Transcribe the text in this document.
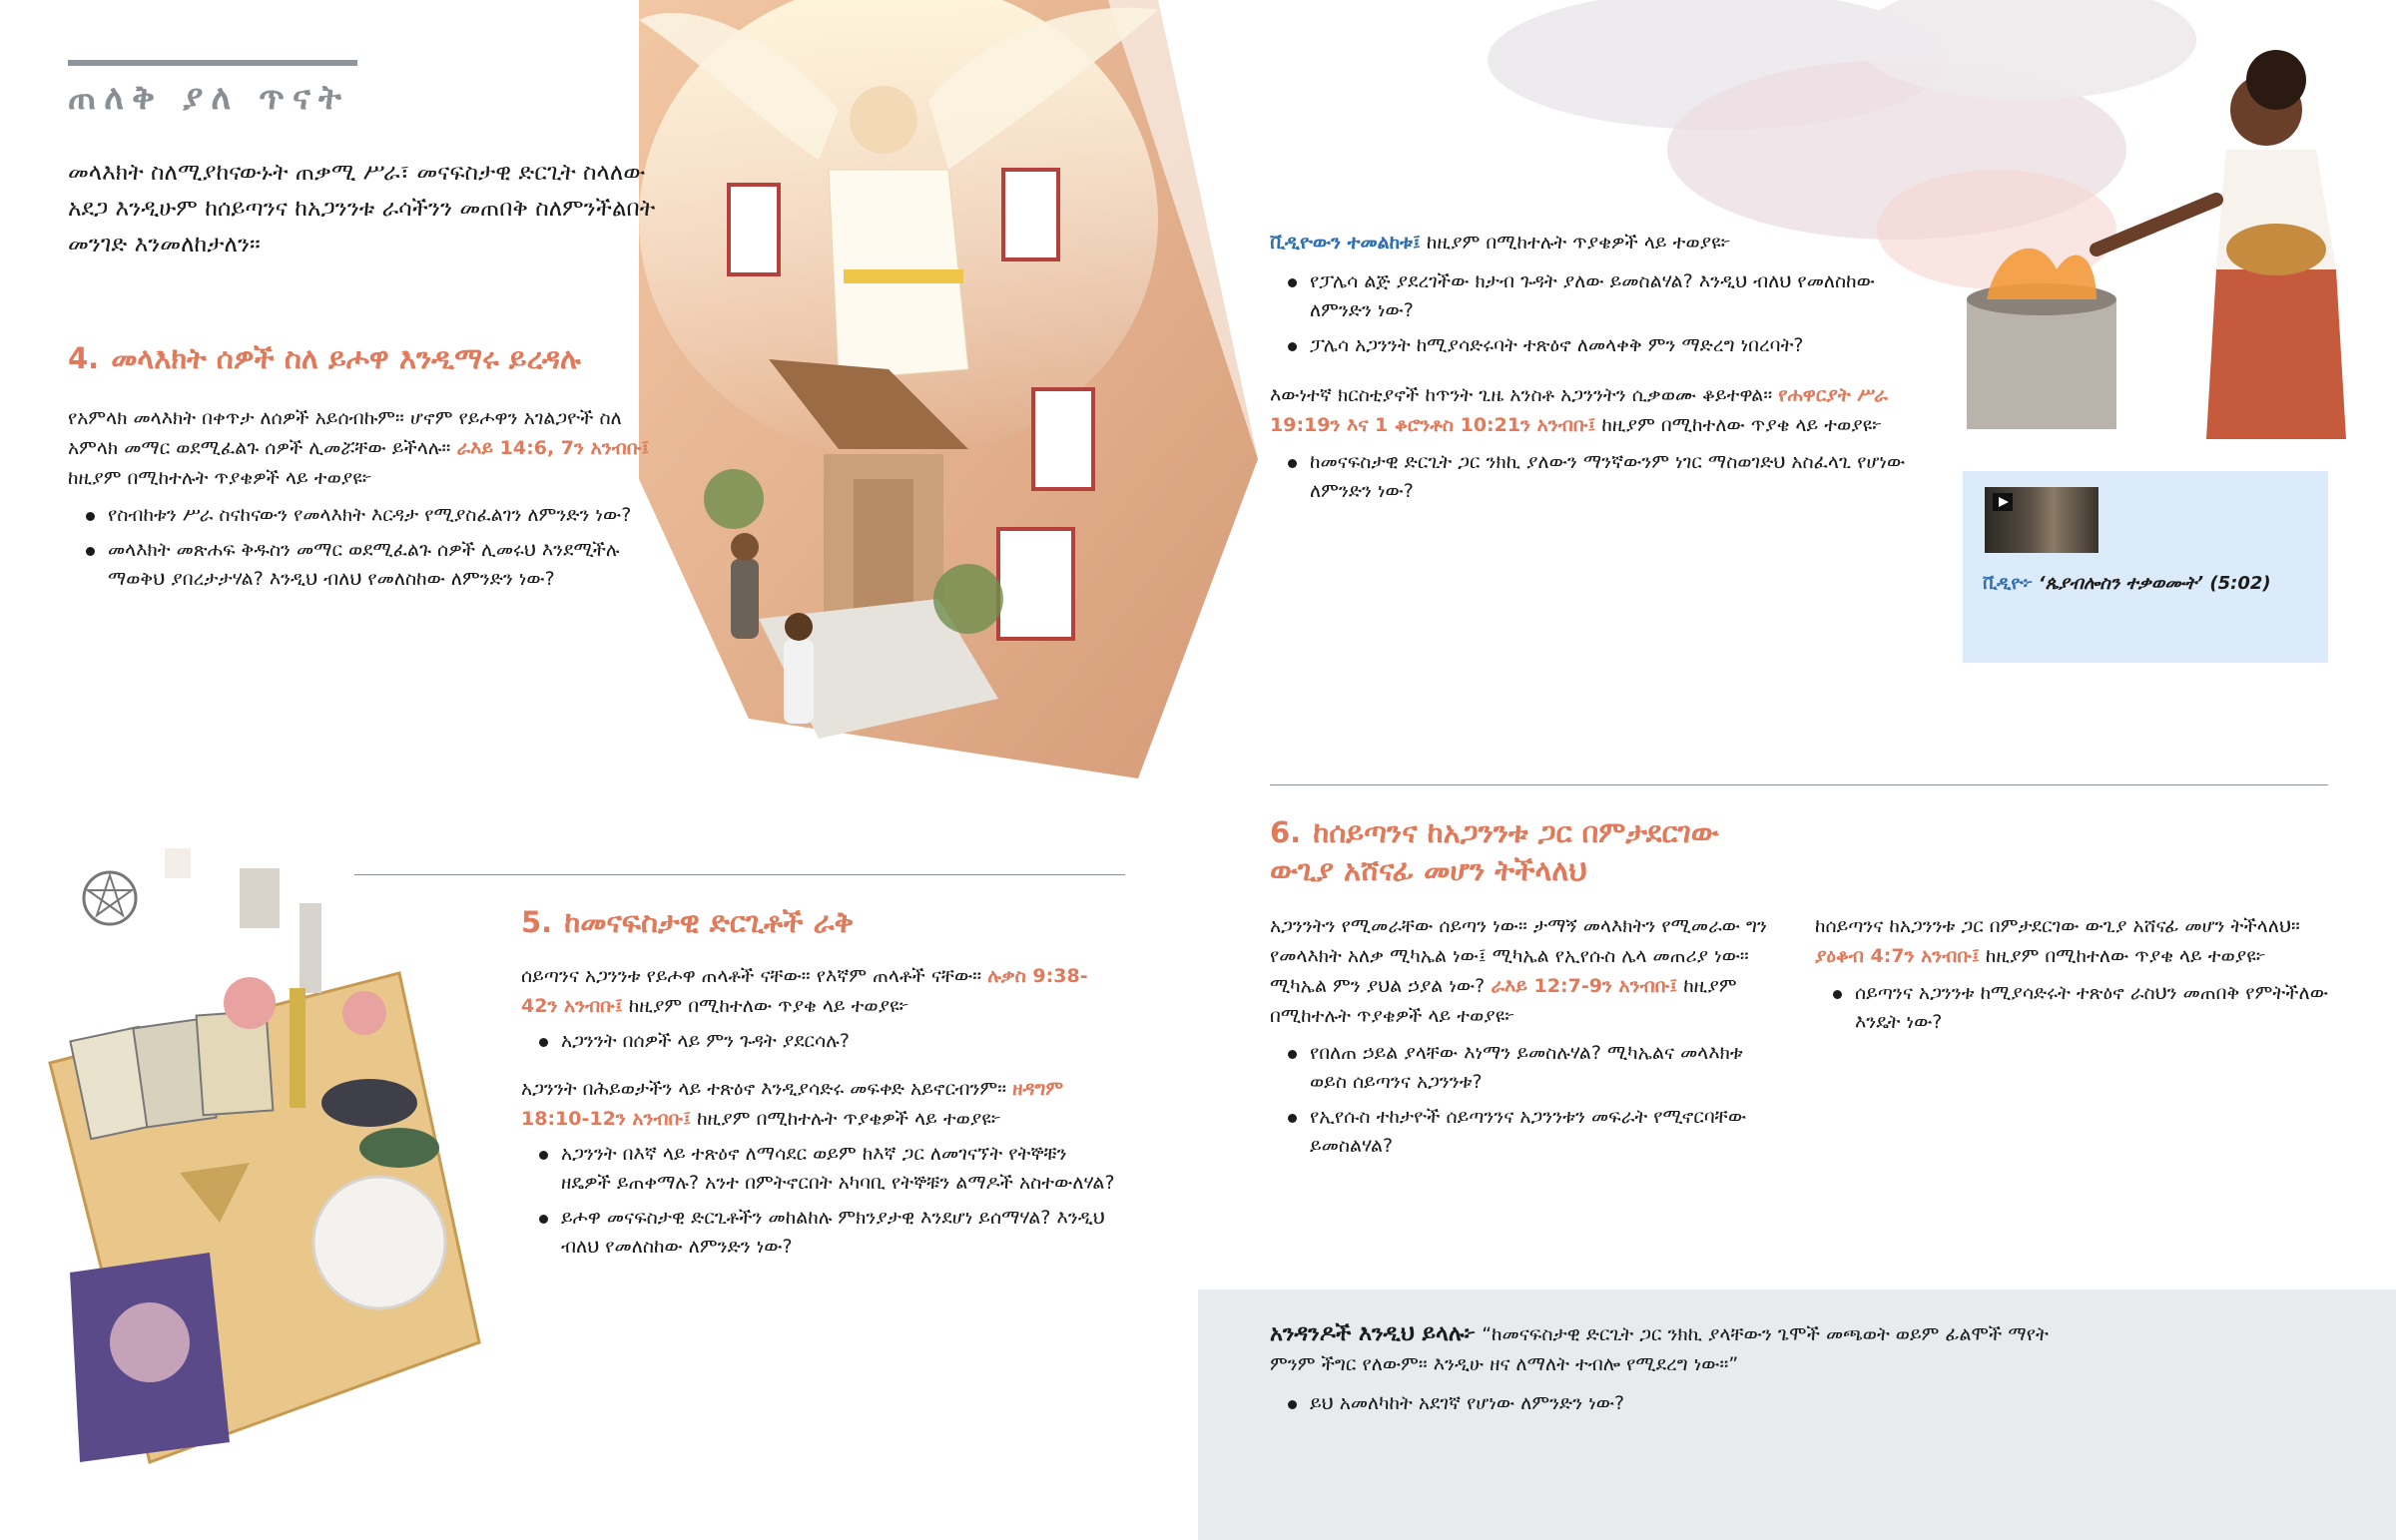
ጠለቅ ያለ ጥናት

መላእክት ስለሚያከናውኑት ጠቃሚ ሥራ፣ መናፍስታዊ ድርጊት ስላለው አደጋ እንዲሁም ከሰይጣንና ከአጋንንቱ ራሳችንን መጠበቅ ስለምንችልበት መንገድ እንመለከታለን።

4. መላእክት ሰዎች ስለ ይሖዋ እንዲማሩ ይረዳሉ

የአምላክ መላእክት በቀጥታ ለሰዎች አይሰብኩም። ሆኖም የይሖዋን አገልጋዮች ስለ አምላክ መማር ወደሚፈልጉ ሰዎች ሊመሯቸው ይችላሉ። ራእይ 14:6, 7ን አንብቡ፤ ከዚያም በሚከተሉት ጥያቄዎች ላይ ተወያዩ፦

የስብከቱን ሥራ ስናከናውን የመላእክት እርዳታ የሚያስፈልገን ለምንድን ነው?
መላእክት መጽሐፍ ቅዱስን መማር ወደሚፈልጉ ሰዎች ሊመሩህ እንደሚችሉ ማወቅህ ያበረታታሃል? እንዲህ ብለህ የመለስከው ለምንድን ነው?
5. ከመናፍስታዊ ድርጊቶች ራቅ

ሰይጣንና አጋንንቱ የይሖዋ ጠላቶች ናቸው። የእኛም ጠላቶች ናቸው። ሉቃስ 9:38-42ን አንብቡ፤ ከዚያም በሚከተለው ጥያቄ ላይ ተወያዩ፦

አጋንንት በሰዎች ላይ ምን ጉዳት ያደርሳሉ?

አጋንንት በሕይወታችን ላይ ተጽዕኖ እንዲያሳድሩ መፍቀድ አይኖርብንም። ዘዳግም 18:10-12ን አንብቡ፤ ከዚያም በሚከተሉት ጥያቄዎች ላይ ተወያዩ፦

አጋንንት በእኛ ላይ ተጽዕኖ ለማሳደር ወይም ከእኛ ጋር ለመገናኘት የትኞቹን ዘዴዎች ይጠቀማሉ? አንተ በምትኖርበት አካባቢ የትኞቹን ልማዶች አስተውለሃል?
ይሖዋ መናፍስታዊ ድርጊቶችን መከልከሉ ምክንያታዊ እንደሆነ ይሰማሃል? እንዲህ ብለህ የመለስከው ለምንድን ነው?

ቪዲዮውን ተመልከቱ፤ ከዚያም በሚከተሉት ጥያቄዎች ላይ ተወያዩ፦

የፓሌሳ ልጅ ያደረገችው ክታብ ጉዳት ያለው ይመስልሃል? እንዲህ ብለህ የመለስከው ለምንድን ነው?
ፓሌሳ አጋንንት ከሚያሳድሩባት ተጽዕኖ ለመላቀቅ ምን ማድረግ ነበረባት?

እውነተኛ ክርስቲያኖች ከጥንት ጊዜ አንስቶ አጋንንትን ሲቃወሙ ቆይተዋል። የሐዋርያት ሥራ 19:19ን እና 1 ቆሮንቶስ 10:21ን አንብቡ፤ ከዚያም በሚከተለው ጥያቄ ላይ ተወያዩ፦

ከመናፍስታዊ ድርጊት ጋር ንክኪ ያለውን ማንኛውንም ነገር ማስወገድህ አስፈላጊ የሆነው ለምንድን ነው?
ቪዲዮ፦ ‘ጴያብሎስን ተቃወሙት’ (5:02)
6. ከሰይጣንና ከአጋንንቱ ጋር በምታደርገው ውጊያ አሸናፊ መሆን ትችላለህ

አጋንንትን የሚመራቸው ሰይጣን ነው። ታማኝ መላእክትን የሚመራው ግን የመላእክት አለቃ ሚካኤል ነው፤ ሚካኤል የኢየሱስ ሌላ መጠሪያ ነው። ሚካኤል ምን ያህል ኃያል ነው? ራእይ 12:7-9ን አንብቡ፤ ከዚያም በሚከተሉት ጥያቄዎች ላይ ተወያዩ፦

የበለጠ ኃይል ያላቸው እነማን ይመስሉሃል? ሚካኤልና መላእክቱ ወይስ ሰይጣንና አጋንንቱ?
የኢየሱስ ተከታዮች ሰይጣንንና አጋንንቱን መፍራት የሚኖርባቸው ይመስልሃል?

ከሰይጣንና ከአጋንንቱ ጋር በምታደርገው ውጊያ አሸናፊ መሆን ትችላለህ። ያዕቆብ 4:7ን አንብቡ፤ ከዚያም በሚከተለው ጥያቄ ላይ ተወያዩ፦

ሰይጣንና አጋንንቱ ከሚያሳድሩት ተጽዕኖ ራስህን መጠበቅ የምትችለው እንዴት ነው?

አንዳንዶች እንዲህ ይላሉ፦ “ከመናፍስታዊ ድርጊት ጋር ንክኪ ያላቸውን ጌሞች መጫወት ወይም ፊልሞች ማየት ምንም ችግር የለውም። እንዲሁ ዘና ለማለት ተብሎ የሚደረግ ነው።”

ይህ አመለካከት አደገኛ የሆነው ለምንድን ነው?
